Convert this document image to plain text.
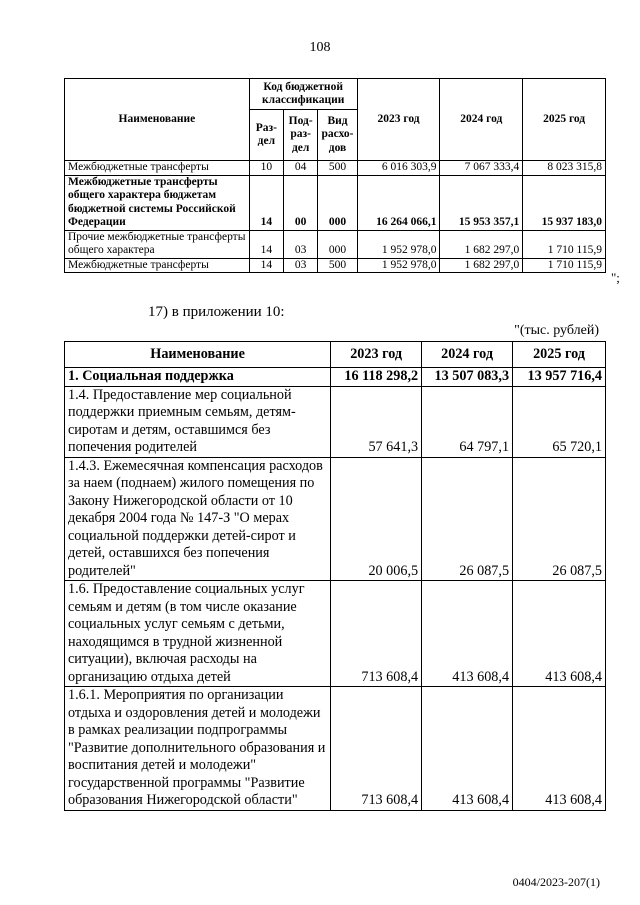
108
Наименование	Код бюджетной классификации			2023 год	2024 год	2025 год
	Раз-дел	Под-раз-дел	Вид расхо-дов			
Межбюджетные трансферты	10	04	500	6 016 303,9	7 067 333,4	8 023 315,8
Межбюджетные трансферты общего характера бюджетам бюджетной системы Российской Федерации	14	00	000	16 264 066,1	15 953 357,1	15 937 183,0
Прочие межбюджетные трансферты общего характера	14	03	000	1 952 978,0	1 682 297,0	1 710 115,9
Межбюджетные трансферты	14	03	500	1 952 978,0	1 682 297,0	1 710 115,9
";
17) в приложении 10:
"(тыс. рублей)
Наименование	2023 год	2024 год	2025 год
1. Социальная поддержка	16 118 298,2	13 507 083,3	13 957 716,4
1.4. Предоставление мер социальной поддержки приемным семьям, детям-сиротам и детям, оставшимся без попечения родителей	57 641,3	64 797,1	65 720,1
1.4.3. Ежемесячная компенсация расходов за наем (поднаем) жилого помещения по Закону Нижегородской области от 10 декабря 2004 года № 147-З "О мерах социальной поддержки детей-сирот и детей, оставшихся без попечения родителей"	20 006,5	26 087,5	26 087,5
1.6. Предоставление социальных услуг семьям и детям (в том числе оказание социальных услуг семьям с детьми, находящимся в трудной жизненной ситуации), включая расходы на организацию отдыха детей	713 608,4	413 608,4	413 608,4
1.6.1. Мероприятия по организации отдыха и оздоровления детей и молодежи в рамках реализации подпрограммы "Развитие дополнительного образования и воспитания детей и молодежи" государственной программы "Развитие образования Нижегородской области"	713 608,4	413 608,4	413 608,4
0404/2023-207(1)
